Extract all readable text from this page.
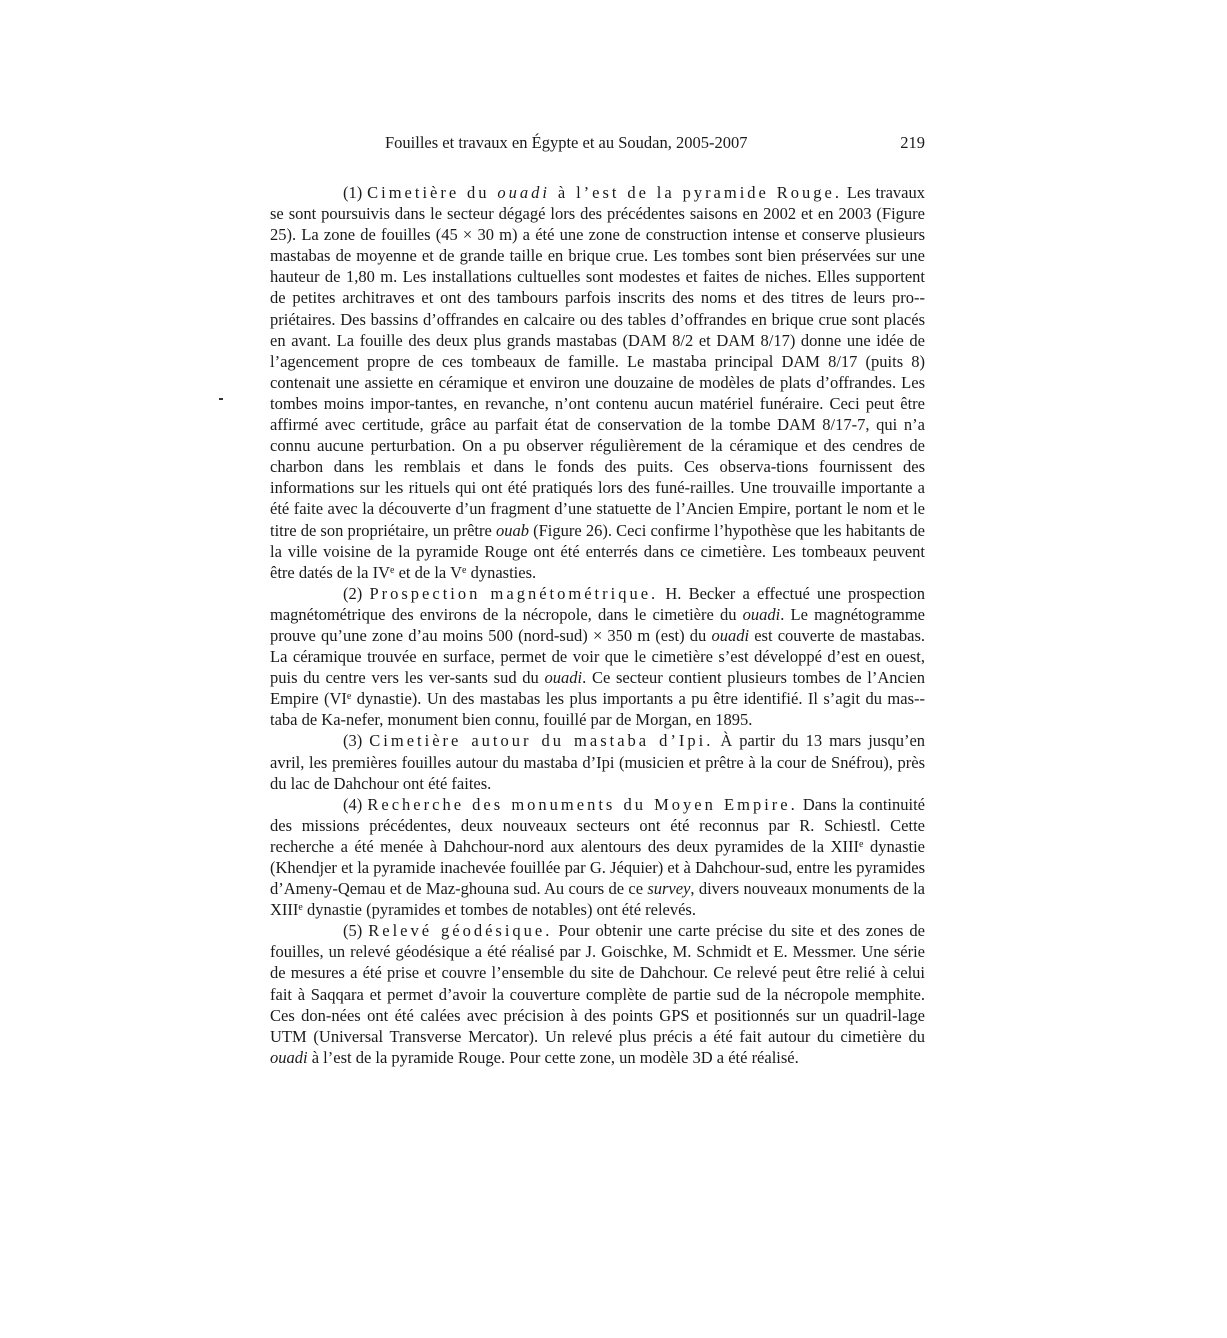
Fouilles et travaux en Égypte et au Soudan, 2005-2007	219

(1) Cimetière du ouadi à l’est de la pyramide Rouge. Les travaux se sont poursuivis dans le secteur dégagé lors des précédentes saisons en 2002 et en 2003 (Figure 25). La zone de fouilles (45 × 30 m) a été une zone de construction intense et conserve plusieurs mastabas de moyenne et de grande taille en brique crue. Les tombes sont bien préservées sur une hauteur de 1,80 m. Les installations cultuelles sont modestes et faites de niches. Elles supportent de petites architraves et ont des tambours parfois inscrits des noms et des titres de leurs pro-priétaires. Des bassins d’offrandes en calcaire ou des tables d’offrandes en brique crue sont placés en avant. La fouille des deux plus grands mastabas (DAM 8/2 et DAM 8/17) donne une idée de l’agencement propre de ces tombeaux de famille. Le mastaba principal DAM 8/17 (puits 8) contenait une assiette en céramique et environ une douzaine de modèles de plats d’offrandes. Les tombes moins impor-tantes, en revanche, n’ont contenu aucun matériel funéraire. Ceci peut être affirmé avec certitude, grâce au parfait état de conservation de la tombe DAM 8/17-7, qui n’a connu aucune perturbation. On a pu observer régulièrement de la céramique et des cendres de charbon dans les remblais et dans le fonds des puits. Ces observa-tions fournissent des informations sur les rituels qui ont été pratiqués lors des funé-railles. Une trouvaille importante a été faite avec la découverte d’un fragment d’une statuette de l’Ancien Empire, portant le nom et le titre de son propriétaire, un prêtre ouab (Figure 26). Ceci confirme l’hypothèse que les habitants de la ville voisine de la pyramide Rouge ont été enterrés dans ce cimetière. Les tombeaux peuvent être datés de la IVe et de la Ve dynasties.

(2) Prospection magnétométrique. H. Becker a effectué une prospection magnétométrique des environs de la nécropole, dans le cimetière du ouadi. Le magnétogramme prouve qu’une zone d’au moins 500 (nord-sud) × 350 m (est) du ouadi est couverte de mastabas. La céramique trouvée en surface, permet de voir que le cimetière s’est développé d’est en ouest, puis du centre vers les ver-sants sud du ouadi. Ce secteur contient plusieurs tombes de l’Ancien Empire (VIe dynastie). Un des mastabas les plus importants a pu être identifié. Il s’agit du mas-taba de Ka-nefer, monument bien connu, fouillé par de Morgan, en 1895.

(3) Cimetière autour du mastaba d’Ipi. À partir du 13 mars jusqu’en avril, les premières fouilles autour du mastaba d’Ipi (musicien et prêtre à la cour de Snéfrou), près du lac de Dahchour ont été faites.

(4) Recherche des monuments du Moyen Empire. Dans la continuité des missions précédentes, deux nouveaux secteurs ont été reconnus par R. Schiestl. Cette recherche a été menée à Dahchour-nord aux alentours des deux pyramides de la XIIIe dynastie (Khendjer et la pyramide inachevée fouillée par G. Jéquier) et à Dahchour-sud, entre les pyramides d’Ameny-Qemau et de Maz-ghouna sud. Au cours de ce survey, divers nouveaux monuments de la XIIIe dynastie (pyramides et tombes de notables) ont été relevés.

(5) Relevé géodésique. Pour obtenir une carte précise du site et des zones de fouilles, un relevé géodésique a été réalisé par J. Goischke, M. Schmidt et E. Messmer. Une série de mesures a été prise et couvre l’ensemble du site de Dahchour. Ce relevé peut être relié à celui fait à Saqqara et permet d’avoir la couverture complète de partie sud de la nécropole memphite. Ces don-nées ont été calées avec précision à des points GPS et positionnés sur un quadril-lage UTM (Universal Transverse Mercator). Un relevé plus précis a été fait autour du cimetière du ouadi à l’est de la pyramide Rouge. Pour cette zone, un modèle 3D a été réalisé.
